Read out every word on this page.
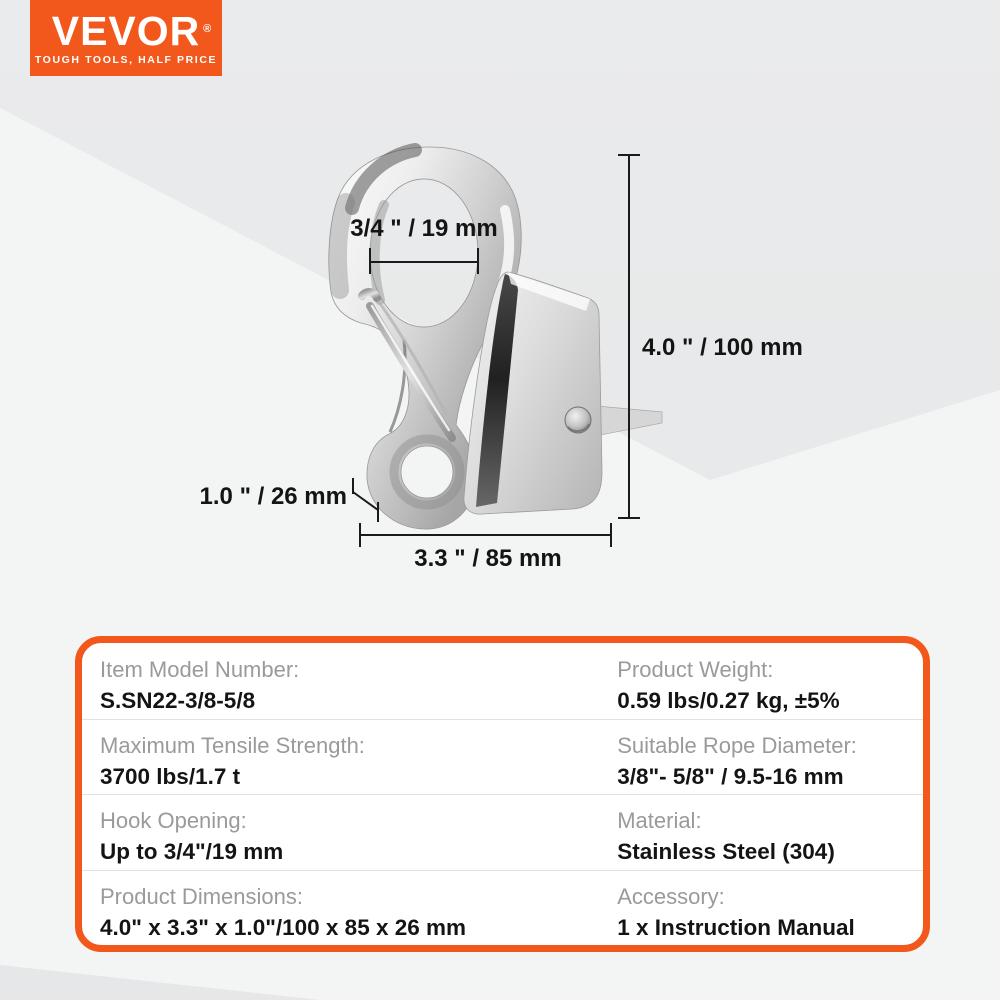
VEVOR ®
TOUGH TOOLS, HALF PRICE
3/4 " / 19 mm
4.0 " / 100 mm
1.0 " / 26 mm
3.3 " / 85 mm
Item Model Number:
S.SN22-3/8-5/8
Product Weight:
0.59 lbs/0.27 kg, ±5%
Maximum Tensile Strength:
3700 lbs/1.7 t
Suitable Rope Diameter:
3/8"- 5/8" / 9.5-16 mm
Hook Opening:
Up to 3/4"/19 mm
Material:
Stainless Steel (304)
Product Dimensions:
4.0" x 3.3" x 1.0"/100 x 85 x 26 mm
Accessory:
1 x Instruction Manual
